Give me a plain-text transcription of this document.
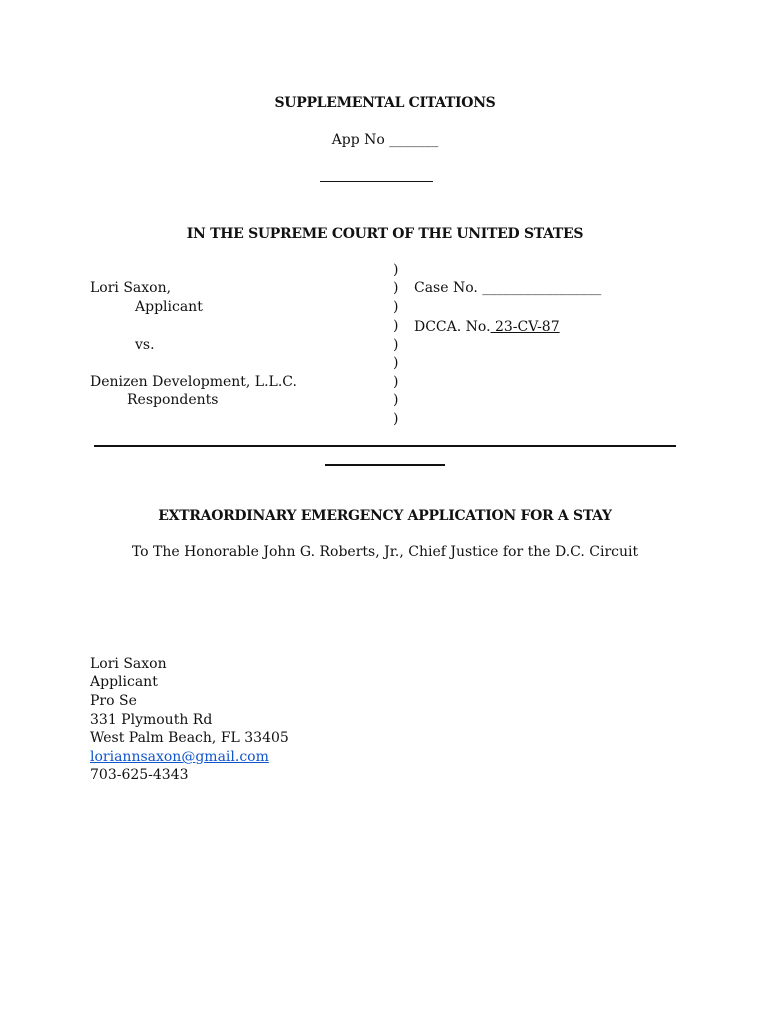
SUPPLEMENTAL CITATIONS
App No _______
IN THE SUPREME COURT OF THE UNITED STATES
Lori Saxon,
Applicant
vs.
Denizen Development, L.L.C.
Respondents
)
)
)
)
)
)
)
)
)
Case No. _________________
DCCA. No. 23-CV-87
EXTRAORDINARY EMERGENCY APPLICATION FOR A STAY
To The Honorable John G. Roberts, Jr., Chief Justice for the D.C. Circuit
Lori Saxon
Applicant
Pro Se
331 Plymouth Rd
West Palm Beach, FL 33405
loriannsaxon@gmail.com
703-625-4343
